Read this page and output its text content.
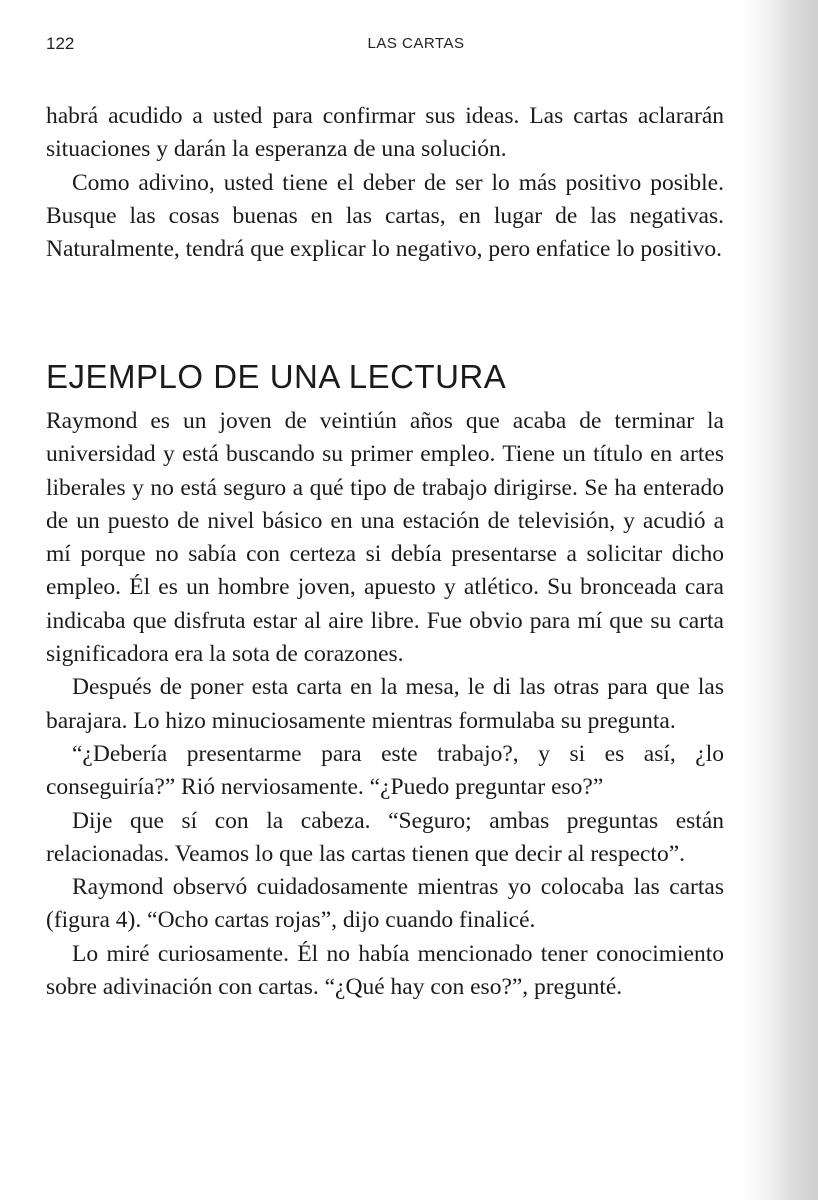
122	LAS CARTAS

habrá acudido a usted para confirmar sus ideas. Las cartas aclararán situaciones y darán la esperanza de una solución.

Como adivino, usted tiene el deber de ser lo más positivo posible. Busque las cosas buenas en las cartas, en lugar de las negativas. Naturalmente, tendrá que explicar lo negativo, pero enfatice lo positivo.

EJEMPLO DE UNA LECTURA

Raymond es un joven de veintiún años que acaba de terminar la universidad y está buscando su primer empleo. Tiene un título en artes liberales y no está seguro a qué tipo de trabajo dirigirse. Se ha enterado de un puesto de nivel básico en una estación de televisión, y acudió a mí porque no sabía con certeza si debía presentarse a solicitar dicho empleo. Él es un hombre joven, apuesto y atlético. Su bronceada cara indicaba que disfruta estar al aire libre. Fue obvio para mí que su carta significadora era la sota de corazones.

Después de poner esta carta en la mesa, le di las otras para que las barajara. Lo hizo minuciosamente mientras formulaba su pregunta.

“¿Debería presentarme para este trabajo?, y si es así, ¿lo conseguiría?” Rió nerviosamente. “¿Puedo preguntar eso?”

Dije que sí con la cabeza. “Seguro; ambas preguntas están relacionadas. Veamos lo que las cartas tienen que decir al respecto”.

Raymond observó cuidadosamente mientras yo colocaba las cartas (figura 4). “Ocho cartas rojas”, dijo cuando finalicé.

Lo miré curiosamente. Él no había mencionado tener conocimiento sobre adivinación con cartas. “¿Qué hay con eso?”, pregunté.
